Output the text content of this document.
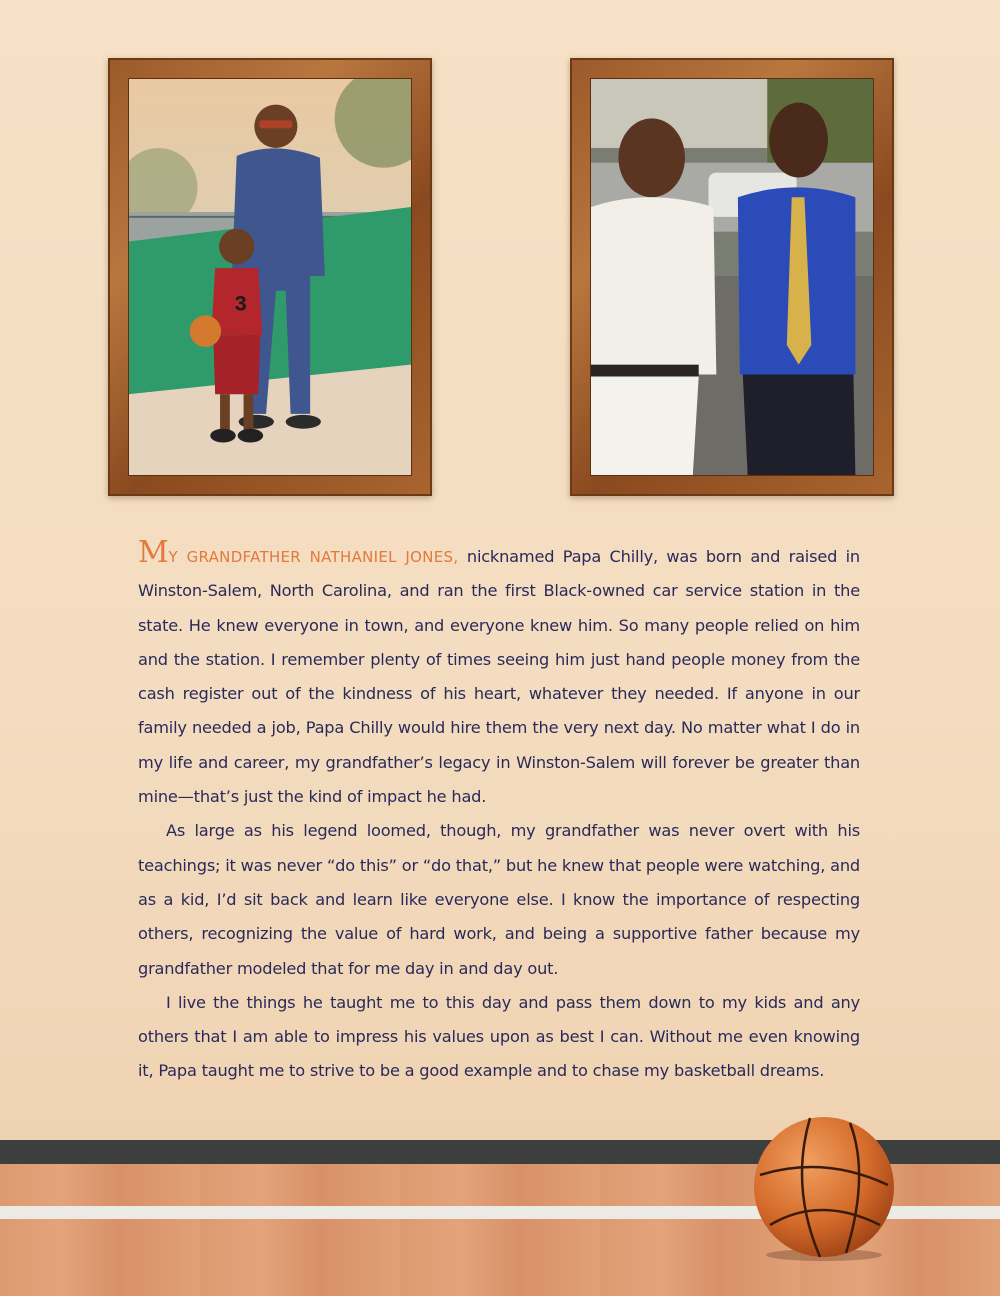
3

MY GRANDFATHER NATHANIEL JONES, nicknamed Papa Chilly, was born and raised in Winston-Salem, North Carolina, and ran the first Black-owned car service station in the state. He knew everyone in town, and everyone knew him. So many people relied on him and the station. I remember plenty of times seeing him just hand people money from the cash register out of the kindness of his heart, whatever they needed. If anyone in our family needed a job, Papa Chilly would hire them the very next day. No matter what I do in my life and career, my grandfather’s legacy in Winston-Salem will forever be greater than mine—that’s just the kind of impact he had.

As large as his legend loomed, though, my grandfather was never overt with his teachings; it was never “do this” or “do that,” but he knew that people were watching, and as a kid, I’d sit back and learn like everyone else. I know the importance of respecting others, recognizing the value of hard work, and being a supportive father because my grandfather modeled that for me day in and day out.

I live the things he taught me to this day and pass them down to my kids and any others that I am able to impress his values upon as best I can. Without me even knowing it, Papa taught me to strive to be a good example and to chase my basketball dreams.
